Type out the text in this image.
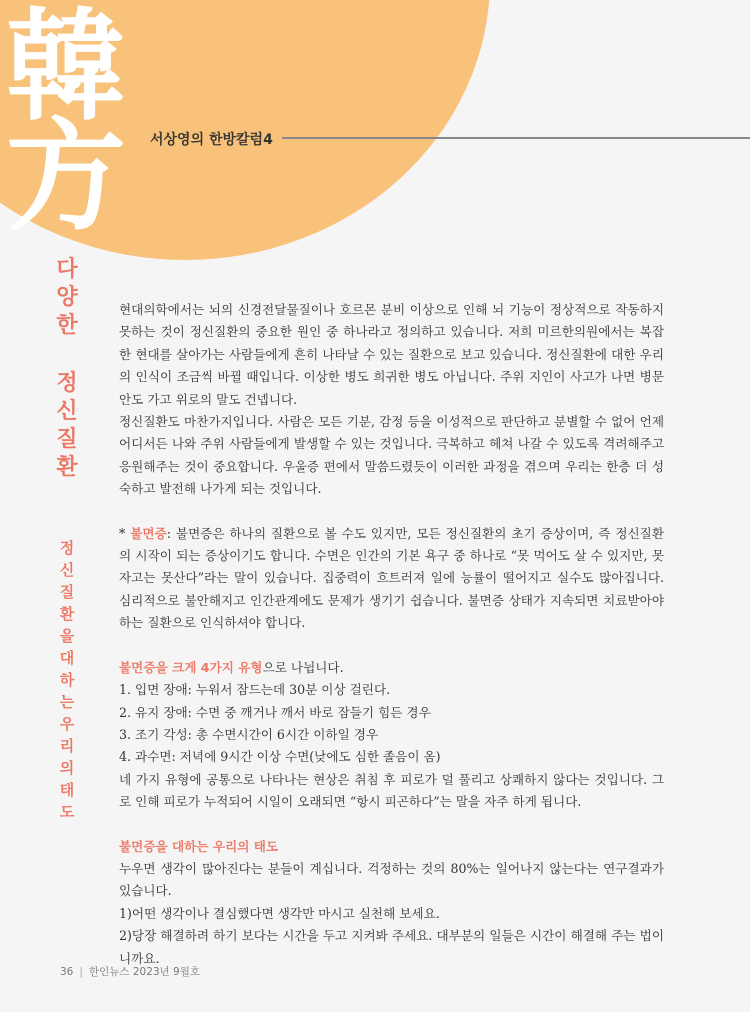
韓
方 서상영의 한방칼럼4
다
양
한
정
신
질
환
정
신
질
환
을
대
하
는
우
리
의
태
도

현대의학에서는 뇌의 신경전달물질이나 호르몬 분비 이상으로 인해 뇌 기능이 정상적으로 작동하지 못하는 것이 정신질환의 중요한 원인 중 하나라고 정의하고 있습니다. 저희 미르한의원에서는 복잡한 현대를 살아가는 사람들에게 흔히 나타날 수 있는 질환으로 보고 있습니다. 정신질환에 대한 우리의 인식이 조금씩 바뀔 때입니다. 이상한 병도 희귀한 병도 아닙니다. 주위 지인이 사고가 나면 병문안도 가고 위로의 말도 건넵니다.

정신질환도 마찬가지입니다. 사람은 모든 기분, 감정 등을 이성적으로 판단하고 분별할 수 없어 언제 어디서든 나와 주위 사람들에게 발생할 수 있는 것입니다. 극복하고 헤쳐 나갈 수 있도록 격려해주고 응원해주는 것이 중요합니다. 우울증 편에서 말씀드렸듯이 이러한 과정을 겪으며 우리는 한층 더 성숙하고 발전해 나가게 되는 것입니다.

* 불면증: 불면증은 하나의 질환으로 볼 수도 있지만, 모든 정신질환의 초기 증상이며, 즉 정신질환의 시작이 되는 증상이기도 합니다. 수면은 인간의 기본 욕구 중 하나로 “못 먹어도 살 수 있지만, 못 자고는 못산다”라는 말이 있습니다. 집중력이 흐트러져 일에 능률이 떨어지고 실수도 많아집니다. 심리적으로 불안해지고 인간관계에도 문제가 생기기 쉽습니다. 불면증 상태가 지속되면 치료받아야 하는 질환으로 인식하셔야 합니다.

불면증을 크게 4가지 유형으로 나뉩니다.

1. 입면 장애: 누워서 잠드는데 30분 이상 걸린다.

2. 유지 장애: 수면 중 깨거나 깨서 바로 잠들기 힘든 경우

3. 조기 각성: 총 수면시간이 6시간 이하일 경우

4. 과수면: 저녁에 9시간 이상 수면(낮에도 심한 졸음이 옴)

네 가지 유형에 공통으로 나타나는 현상은 취침 후 피로가 덜 풀리고 상쾌하지 않다는 것입니다. 그로 인해 피로가 누적되어 시일이 오래되면 “항시 피곤하다”는 말을 자주 하게 됩니다.

불면증을 대하는 우리의 태도

누우면 생각이 많아진다는 분들이 계십니다. 걱정하는 것의 80%는 일어나지 않는다는 연구결과가 있습니다.

1)어떤 생각이나 결심했다면 생각만 마시고 실천해 보세요.

2)당장 해결하려 하기 보다는 시간을 두고 지켜봐 주세요. 대부분의 일들은 시간이 해결해 주는 법이니까요.

36 | 한인뉴스 2023년 9월호
